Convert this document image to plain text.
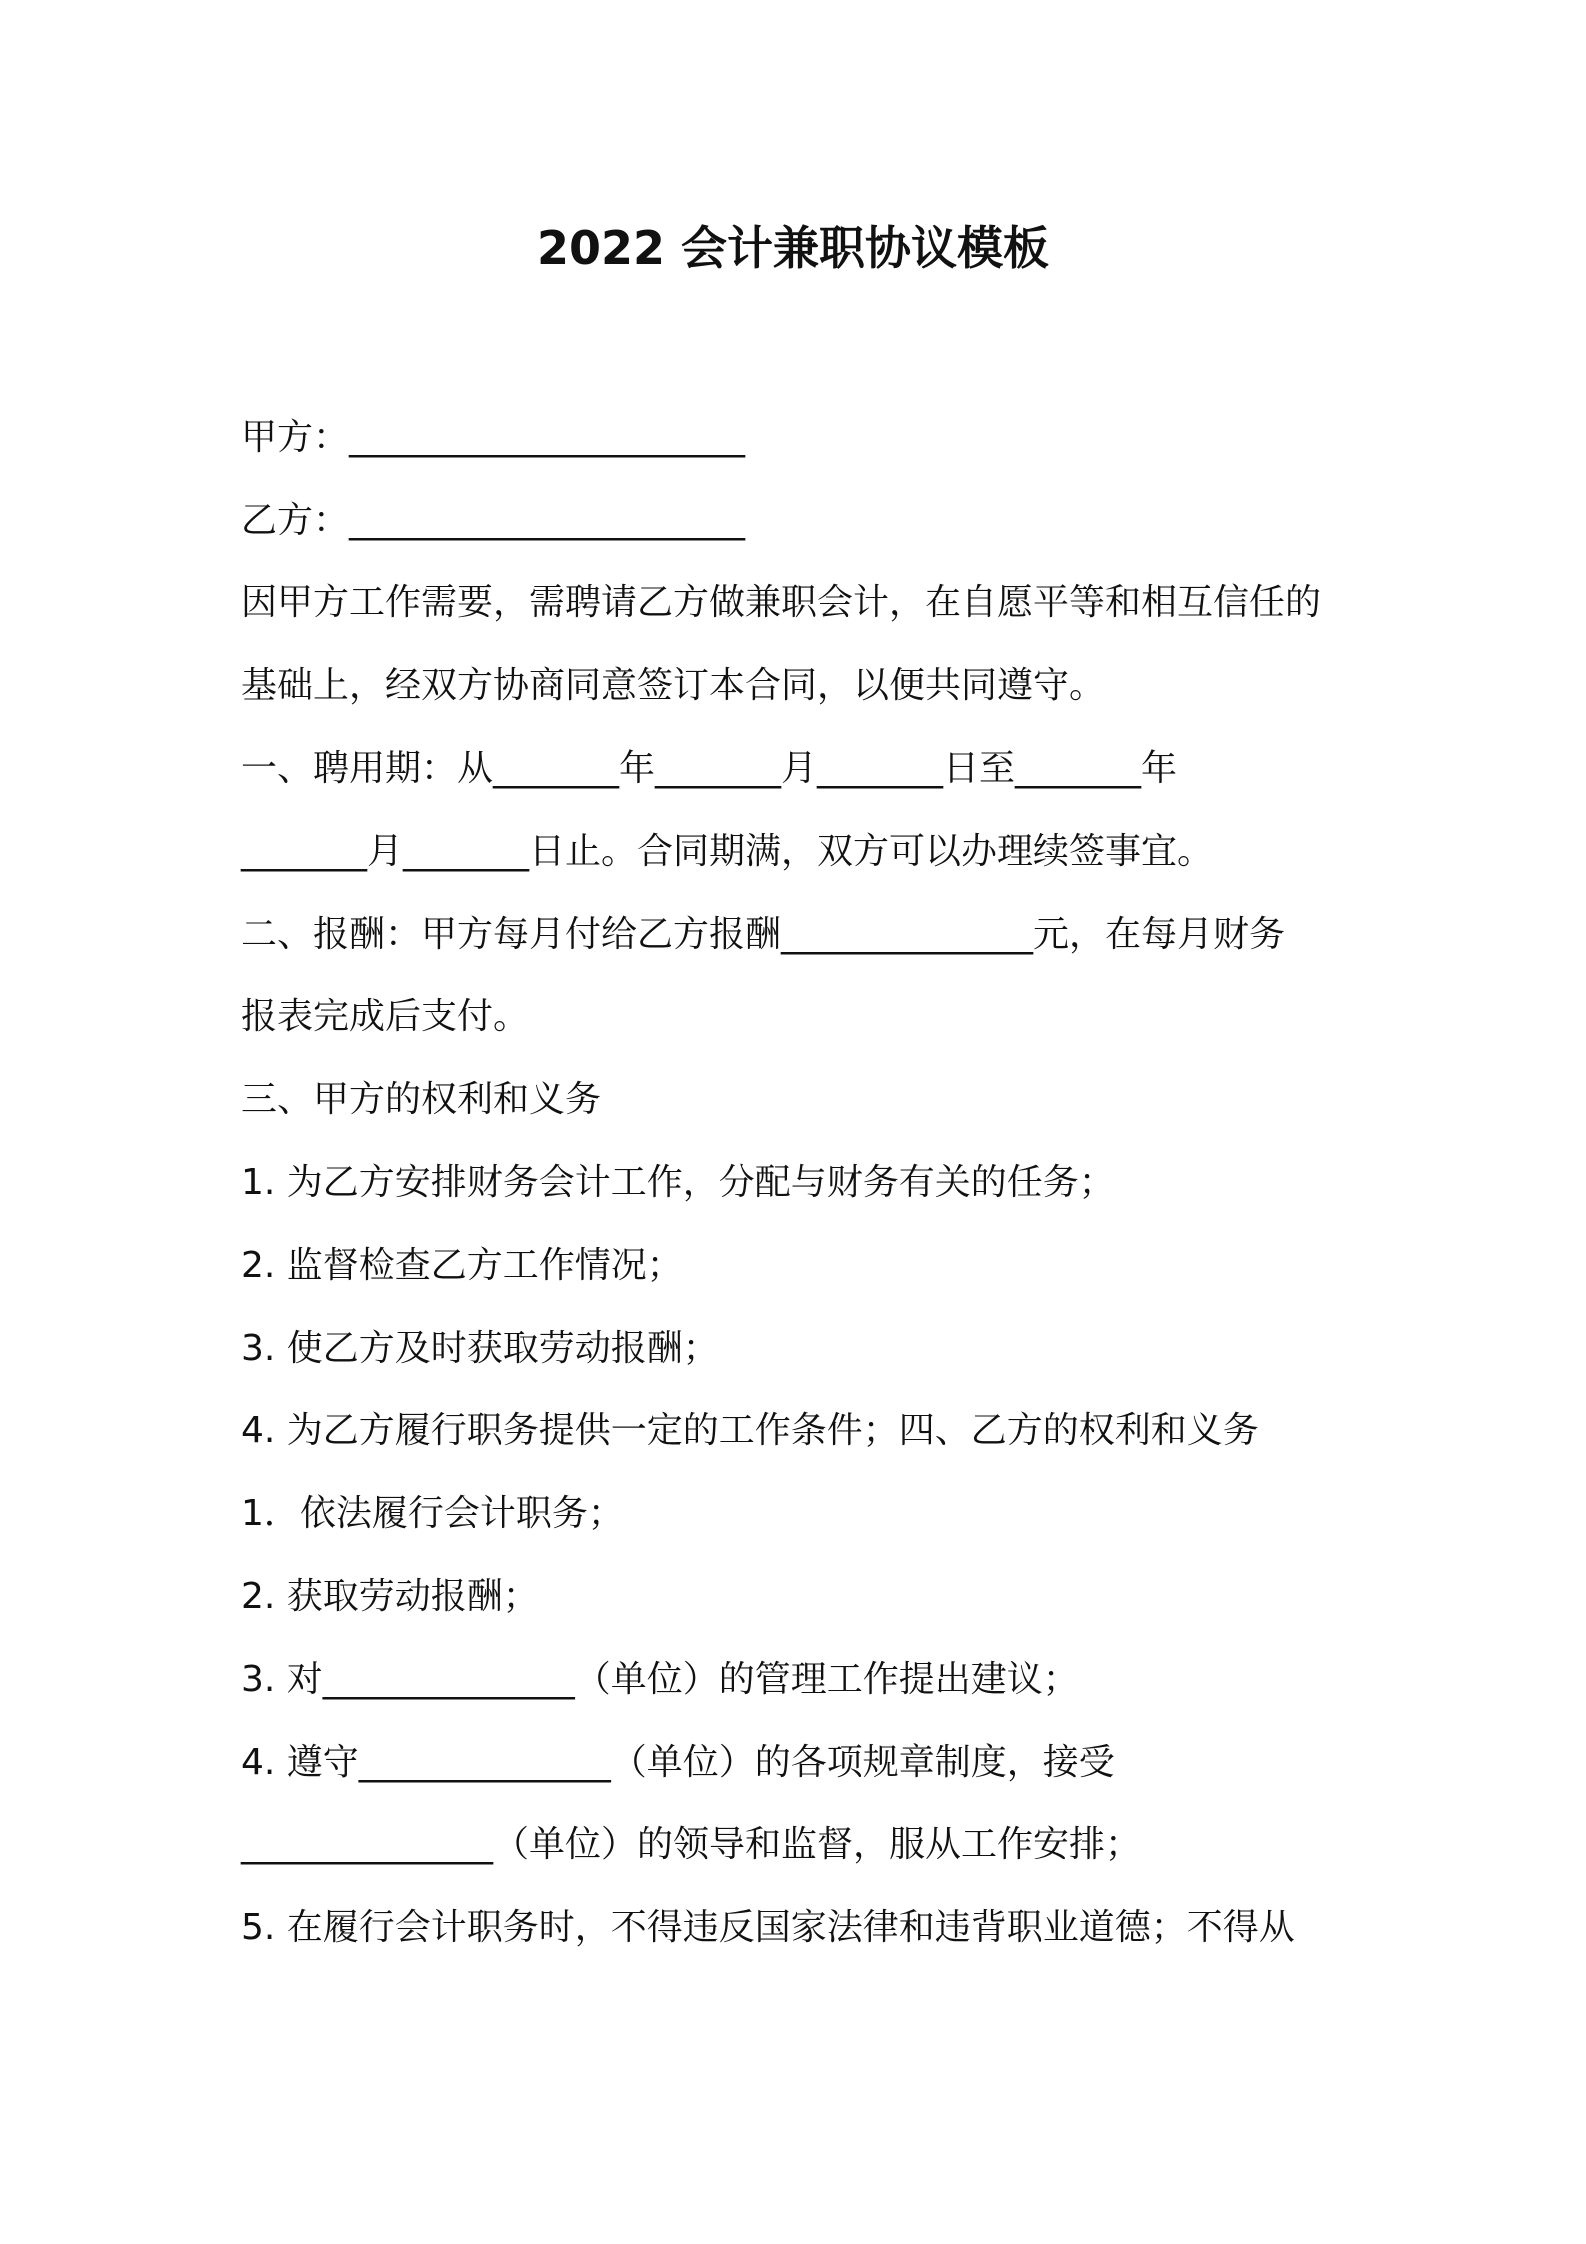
2022 会计兼职协议模板
甲方：______________________
乙方：______________________
因甲方工作需要，需聘请乙方做兼职会计，在自愿平等和相互信任的
基础上，经双方协商同意签订本合同，以便共同遵守。
一、聘用期：从_______年_______月_______日至_______年
_______月_______日止。合同期满，双方可以办理续签事宜。
二、报酬：甲方每月付给乙方报酬______________元，在每月财务
报表完成后支付。
三、甲方的权利和义务
1. 为乙方安排财务会计工作，分配与财务有关的任务；
2. 监督检查乙方工作情况；
3. 使乙方及时获取劳动报酬；
4. 为乙方履行职务提供一定的工作条件；四、乙方的权利和义务
1．依法履行会计职务；
2. 获取劳动报酬；
3. 对______________（单位）的管理工作提出建议；
4. 遵守______________（单位）的各项规章制度，接受
______________（单位）的领导和监督，服从工作安排；
5. 在履行会计职务时，不得违反国家法律和违背职业道德；不得从
